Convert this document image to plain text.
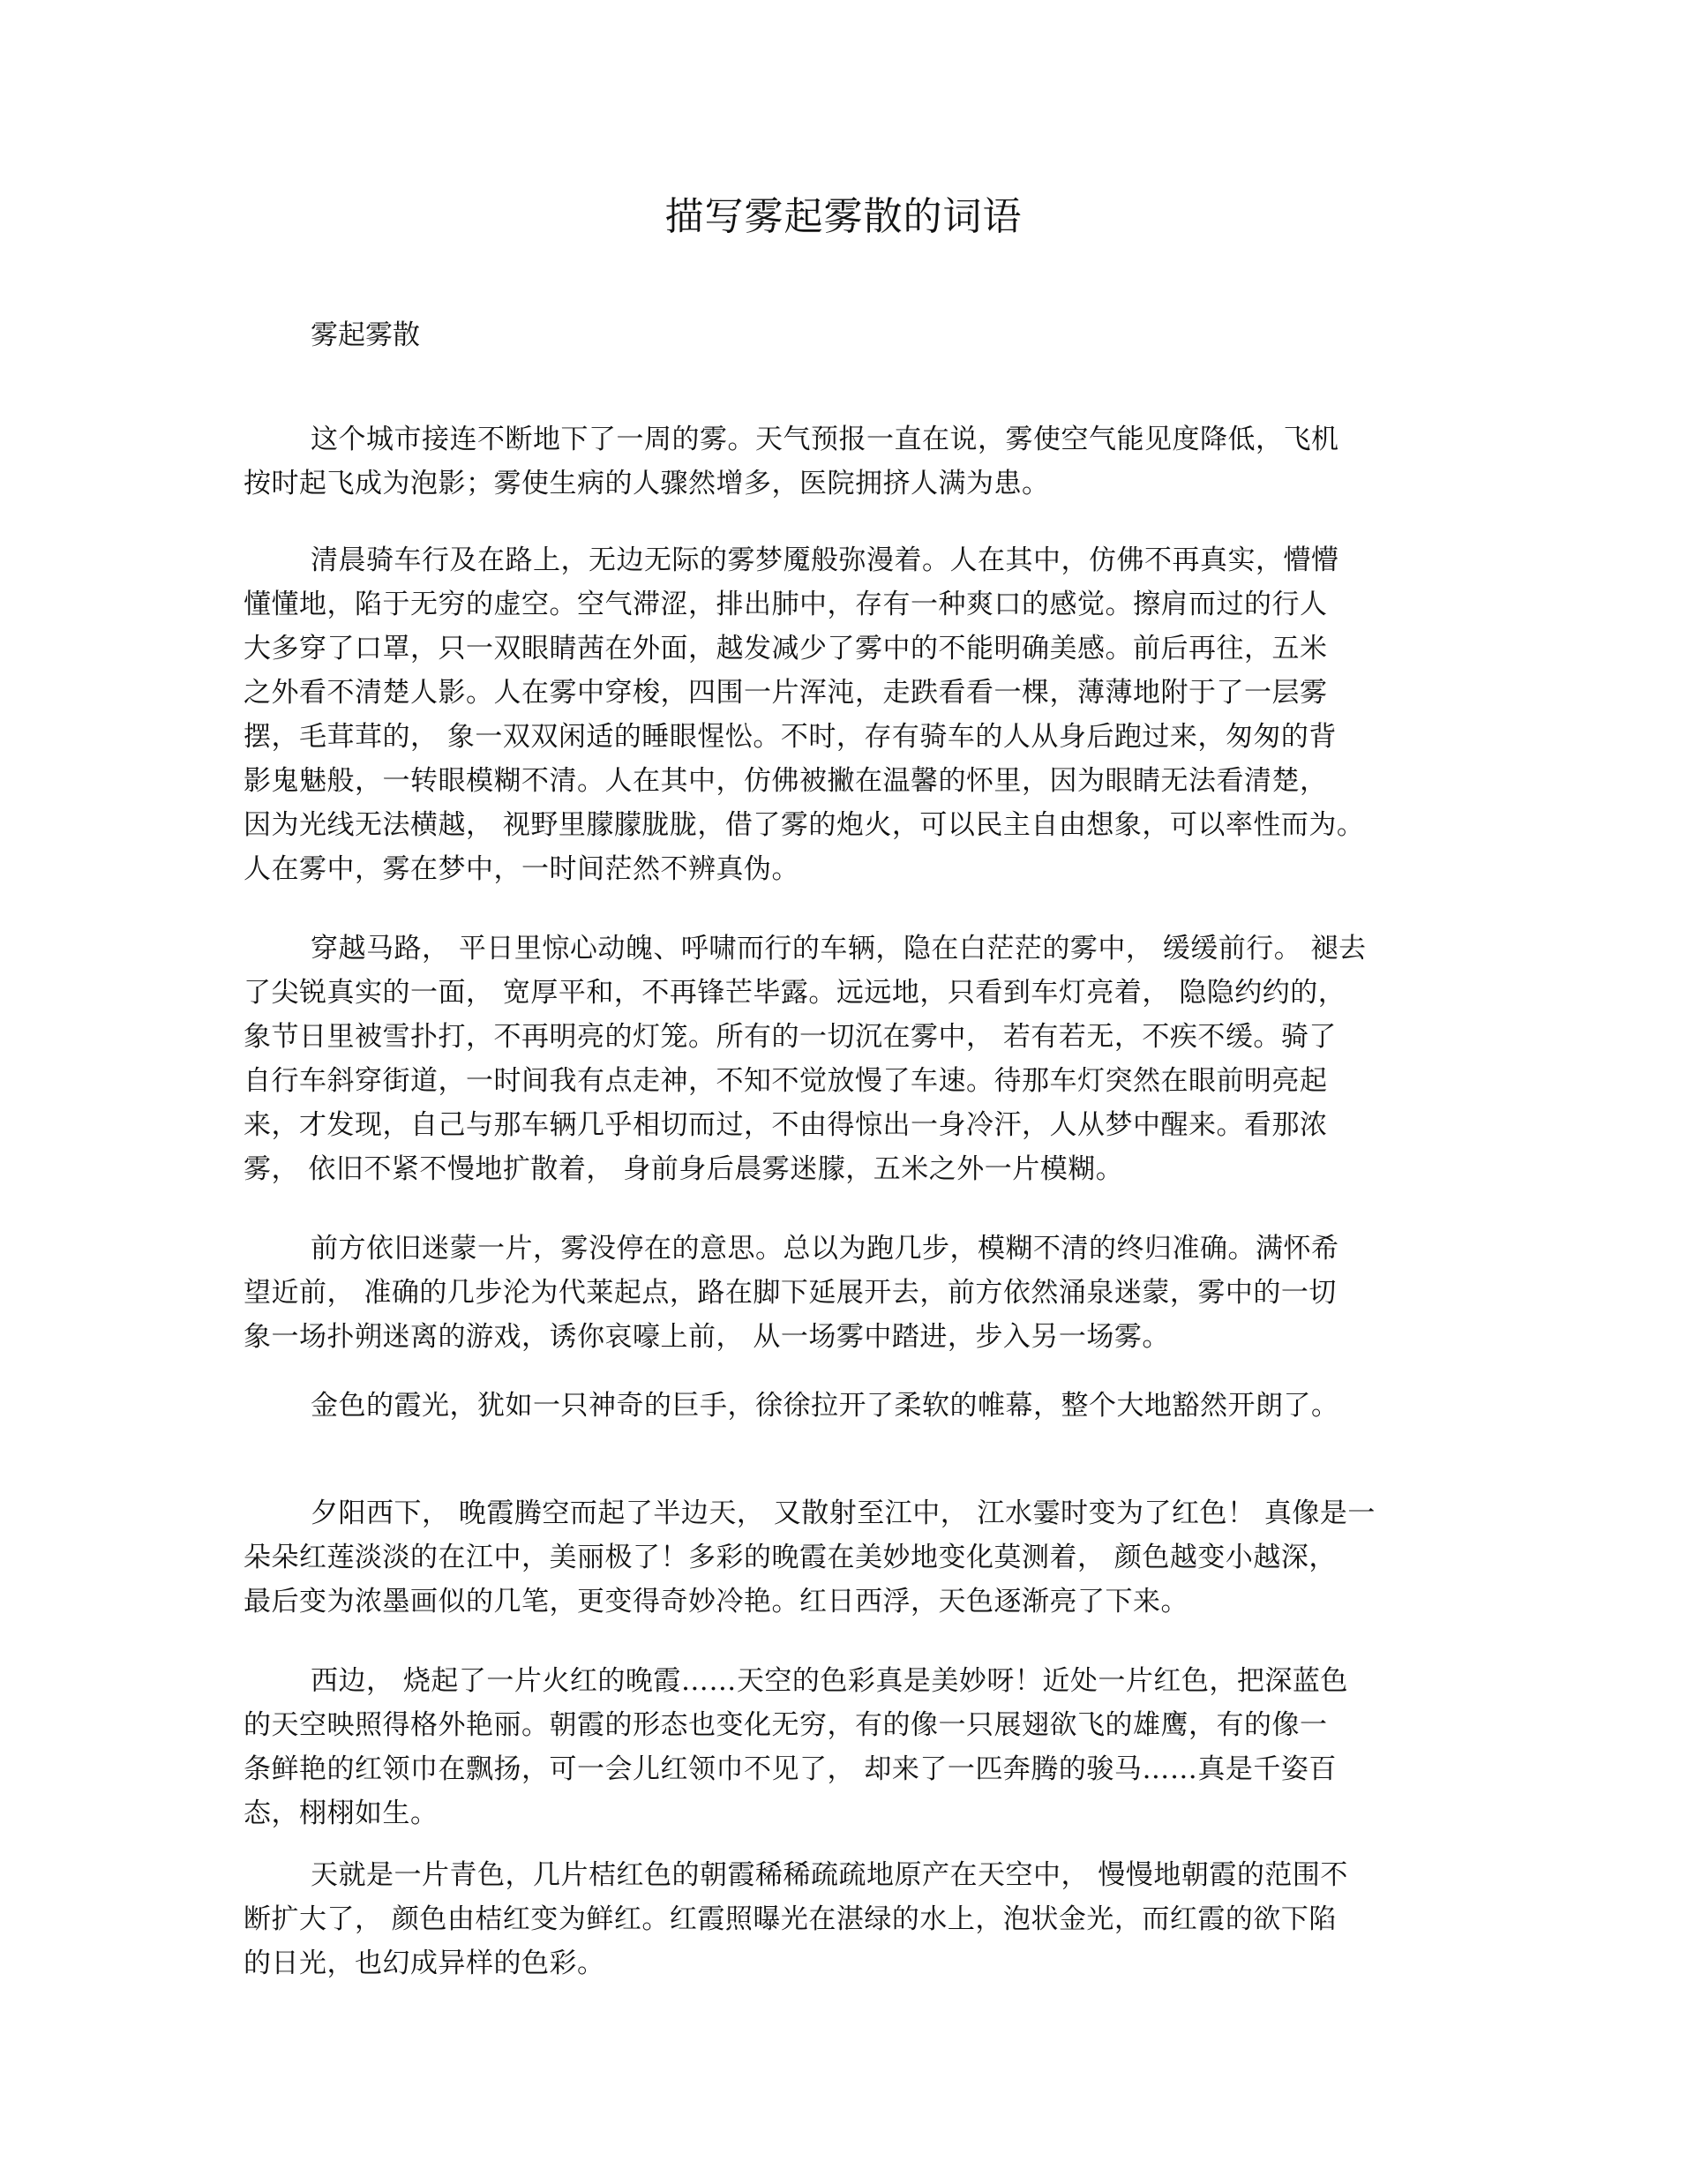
描写雾起雾散的词语
雾起雾散
这个城市接连不断地下了一周的雾。天气预报一直在说，雾使空气能见度降低，飞机
按时起飞成为泡影；雾使生病的人骤然增多，医院拥挤人满为患。
清晨骑车行及在路上，无边无际的雾梦魇般弥漫着。人在其中，仿佛不再真实，懵懵
懂懂地，陷于无穷的虚空。空气滞涩，排出肺中，存有一种爽口的感觉。擦肩而过的行人
大多穿了口罩，只一双眼睛茜在外面，越发减少了雾中的不能明确美感。前后再往，五米
之外看不清楚人影。人在雾中穿梭，四围一片浑沌，走跌看看一棵，薄薄地附于了一层雾
摆，毛茸茸的， 象一双双闲适的睡眼惺忪。不时，存有骑车的人从身后跑过来，匆匆的背
影鬼魅般，一转眼模糊不清。人在其中，仿佛被撇在温馨的怀里，因为眼睛无法看清楚，
因为光线无法横越， 视野里朦朦胧胧，借了雾的炮火，可以民主自由想象，可以率性而为。
人在雾中，雾在梦中，一时间茫然不辨真伪。
穿越马路， 平日里惊心动魄、呼啸而行的车辆，隐在白茫茫的雾中， 缓缓前行。 褪去
了尖锐真实的一面， 宽厚平和，不再锋芒毕露。远远地，只看到车灯亮着， 隐隐约约的，
象节日里被雪扑打，不再明亮的灯笼。所有的一切沉在雾中， 若有若无，不疾不缓。骑了
自行车斜穿街道，一时间我有点走神，不知不觉放慢了车速。待那车灯突然在眼前明亮起
来，才发现，自己与那车辆几乎相切而过，不由得惊出一身冷汗，人从梦中醒来。看那浓
雾， 依旧不紧不慢地扩散着， 身前身后晨雾迷朦，五米之外一片模糊。
前方依旧迷蒙一片，雾没停在的意思。总以为跑几步，模糊不清的终归准确。满怀希
望近前， 准确的几步沦为代莱起点，路在脚下延展开去，前方依然涌泉迷蒙，雾中的一切
象一场扑朔迷离的游戏，诱你哀嚎上前， 从一场雾中踏进，步入另一场雾。
金色的霞光，犹如一只神奇的巨手，徐徐拉开了柔软的帷幕，整个大地豁然开朗了。
夕阳西下， 晚霞腾空而起了半边天， 又散射至江中， 江水霎时变为了红色！ 真像是一
朵朵红莲淡淡的在江中，美丽极了！多彩的晚霞在美妙地变化莫测着， 颜色越变小越深，
最后变为浓墨画似的几笔，更变得奇妙冷艳。红日西浮，天色逐渐亮了下来。
西边， 烧起了一片火红的晚霞……天空的色彩真是美妙呀！近处一片红色，把深蓝色
的天空映照得格外艳丽。朝霞的形态也变化无穷，有的像一只展翅欲飞的雄鹰，有的像一
条鲜艳的红领巾在飘扬，可一会儿红领巾不见了， 却来了一匹奔腾的骏马……真是千姿百
态，栩栩如生。
天就是一片青色，几片桔红色的朝霞稀稀疏疏地原产在天空中， 慢慢地朝霞的范围不
断扩大了， 颜色由桔红变为鲜红。红霞照曝光在湛绿的水上，泡状金光，而红霞的欲下陷
的日光，也幻成异样的色彩。
